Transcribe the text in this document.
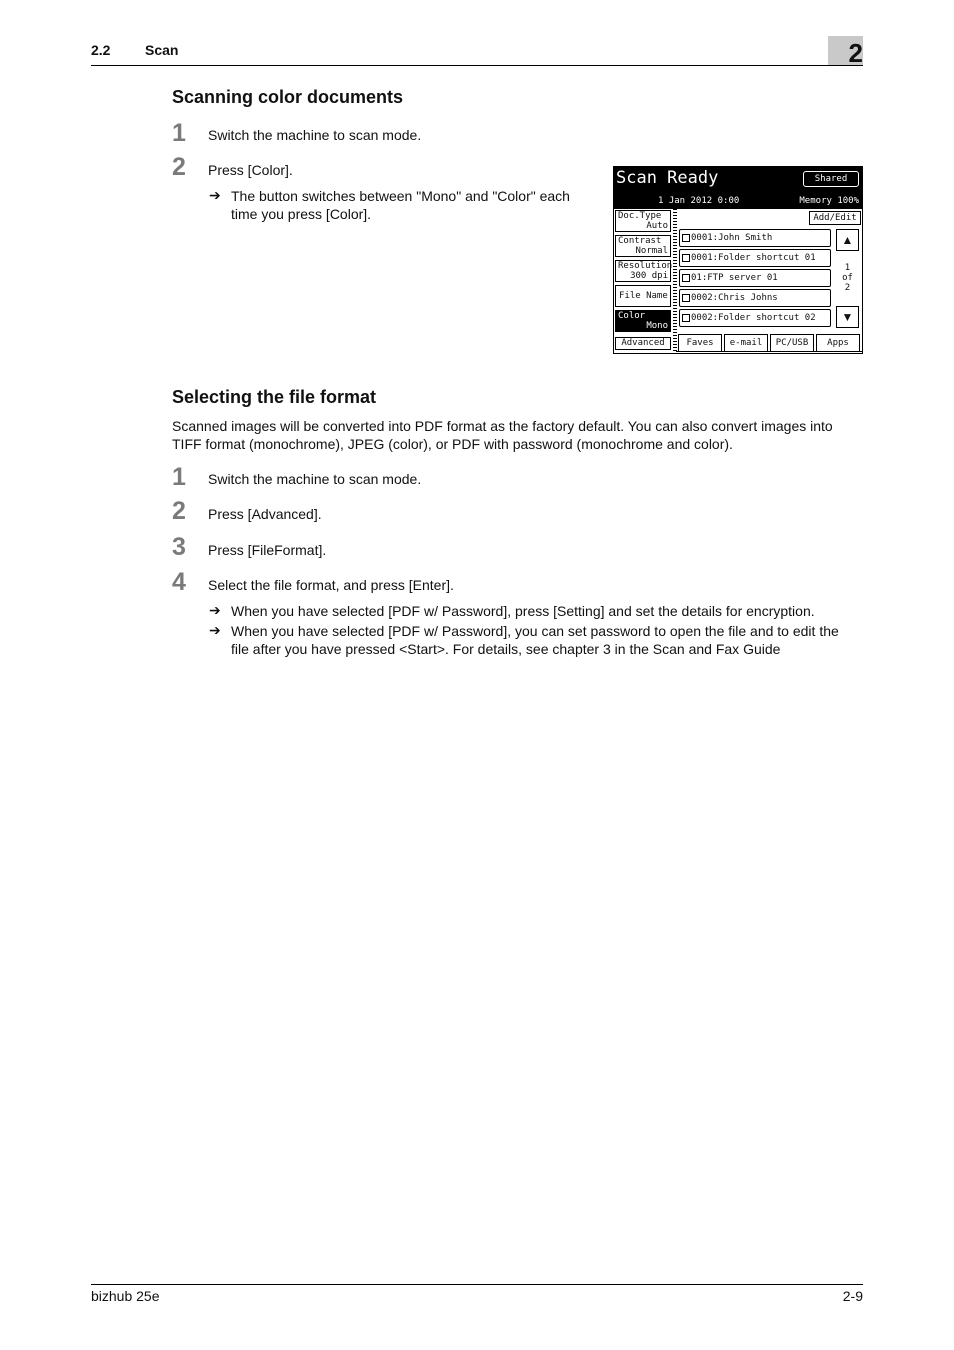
2.2 Scan	2
Scanning color documents
1 Switch the machine to scan mode.
2 Press [Color].
➔ The button switches between "Mono" and "Color" each
time you press [Color].
Scan Ready	Shared
1 Jan 2012 0:00	Memory 100%
Doc.Type
Auto
Contrast
Normal
Resolution
300 dpi
File Name
Color
Mono
Advanced
Add/Edit
0001:John Smith
0001:Folder shortcut 01
01:FTP server 01
0002:Chris Johns
0002:Folder shortcut 02
▲
1
of
2
▼
Faves	e-mail	PC/USB	Apps
Selecting the file format
Scanned images will be converted into PDF format as the factory default. You can also convert images into
TIFF format (monochrome), JPEG (color), or PDF with password (monochrome and color).
1 Switch the machine to scan mode.
2 Press [Advanced].
3 Press [FileFormat].
4 Select the file format, and press [Enter].
➔ When you have selected [PDF w/ Password], press [Setting] and set the details for encryption.
➔ When you have selected [PDF w/ Password], you can set password to open the file and to edit the
file after you have pressed <Start>. For details, see chapter 3 in the Scan and Fax Guide
bizhub 25e	2-9
